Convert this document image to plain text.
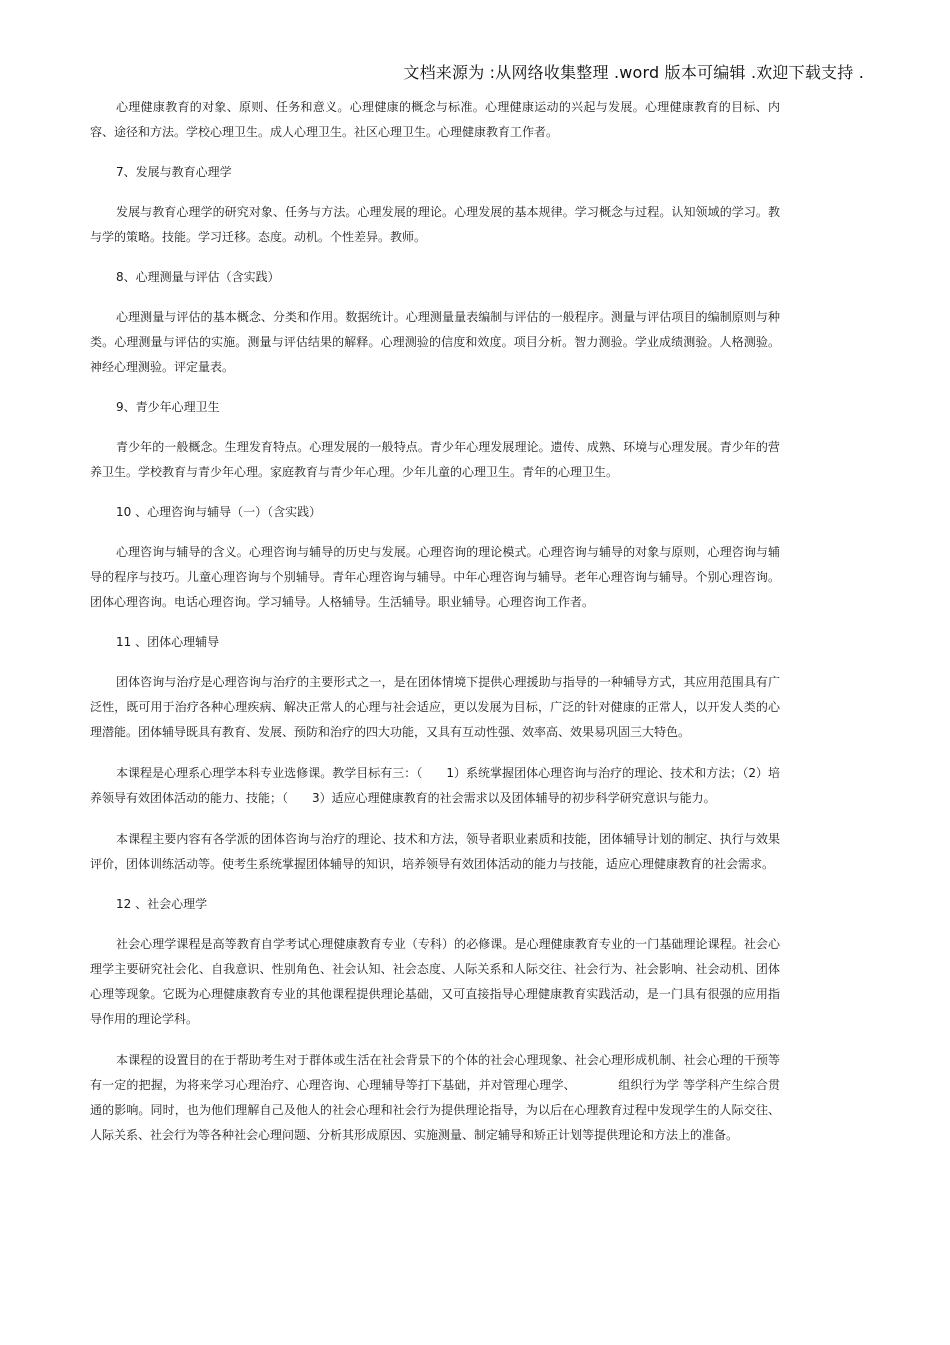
文档来源为 :从网络收集整理 .word 版本可编辑 .欢迎下载支持 .

心理健康教育的对象、原则、任务和意义。心理健康的概念与标准。心理健康运动的兴起与发展。心理健康教育的目标、内容、途径和方法。学校心理卫生。成人心理卫生。社区心理卫生。心理健康教育工作者。

7、发展与教育心理学

发展与教育心理学的研究对象、任务与方法。心理发展的理论。心理发展的基本规律。学习概念与过程。认知领域的学习。教与学的策略。技能。学习迁移。态度。动机。个性差异。教师。

8、心理测量与评估（含实践）

心理测量与评估的基本概念、分类和作用。数据统计。心理测量量表编制与评估的一般程序。测量与评估项目的编制原则与种类。心理测量与评估的实施。测量与评估结果的解释。心理测验的信度和效度。项目分析。智力测验。学业成绩测验。人格测验。神经心理测验。评定量表。

9、青少年心理卫生

青少年的一般概念。生理发育特点。心理发展的一般特点。青少年心理发展理论。遗传、成熟、环境与心理发展。青少年的营养卫生。学校教育与青少年心理。家庭教育与青少年心理。少年儿童的心理卫生。青年的心理卫生。

10 、心理咨询与辅导（一）（含实践）

心理咨询与辅导的含义。心理咨询与辅导的历史与发展。心理咨询的理论模式。心理咨询与辅导的对象与原则，心理咨询与辅导的程序与技巧。儿童心理咨询与个别辅导。青年心理咨询与辅导。中年心理咨询与辅导。老年心理咨询与辅导。个别心理咨询。团体心理咨询。电话心理咨询。学习辅导。人格辅导。生活辅导。职业辅导。心理咨询工作者。

11 、团体心理辅导

团体咨询与治疗是心理咨询与治疗的主要形式之一，是在团体情境下提供心理援助与指导的一种辅导方式，其应用范围具有广泛性，既可用于治疗各种心理疾病、解决正常人的心理与社会适应，更以发展为目标，广泛的针对健康的正常人，以开发人类的心理潜能。团体辅导既具有教育、发展、预防和治疗的四大功能，又具有互动性强、效率高、效果易巩固三大特色。

本课程是心理系心理学本科专业选修课。教学目标有三：（　　1）系统掌握团体心理咨询与治疗的理论、技术和方法；（2）培养领导有效团体活动的能力、技能；（　　3）适应心理健康教育的社会需求以及团体辅导的初步科学研究意识与能力。

本课程主要内容有各学派的团体咨询与治疗的理论、技术和方法，领导者职业素质和技能，团体辅导计划的制定、执行与效果评价，团体训练活动等。使考生系统掌握团体辅导的知识，培养领导有效团体活动的能力与技能，适应心理健康教育的社会需求。

12 、社会心理学

社会心理学课程是高等教育自学考试心理健康教育专业（专科）的必修课。是心理健康教育专业的一门基础理论课程。社会心理学主要研究社会化、自我意识、性别角色、社会认知、社会态度、人际关系和人际交往、社会行为、社会影响、社会动机、团体心理等现象。它既为心理健康教育专业的其他课程提供理论基础，又可直接指导心理健康教育实践活动，是一门具有很强的应用指导作用的理论学科。

本课程的设置目的在于帮助考生对于群体或生活在社会背景下的个体的社会心理现象、社会心理形成机制、社会心理的干预等有一定的把握，为将来学习心理治疗、心理咨询、心理辅导等打下基础，并对管理心理学、　　　　组织行为学 等学科产生综合贯通的影响。同时，也为他们理解自己及他人的社会心理和社会行为提供理论指导，为以后在心理教育过程中发现学生的人际交往、人际关系、社会行为等各种社会心理问题、分析其形成原因、实施测量、制定辅导和矫正计划等提供理论和方法上的准备。
